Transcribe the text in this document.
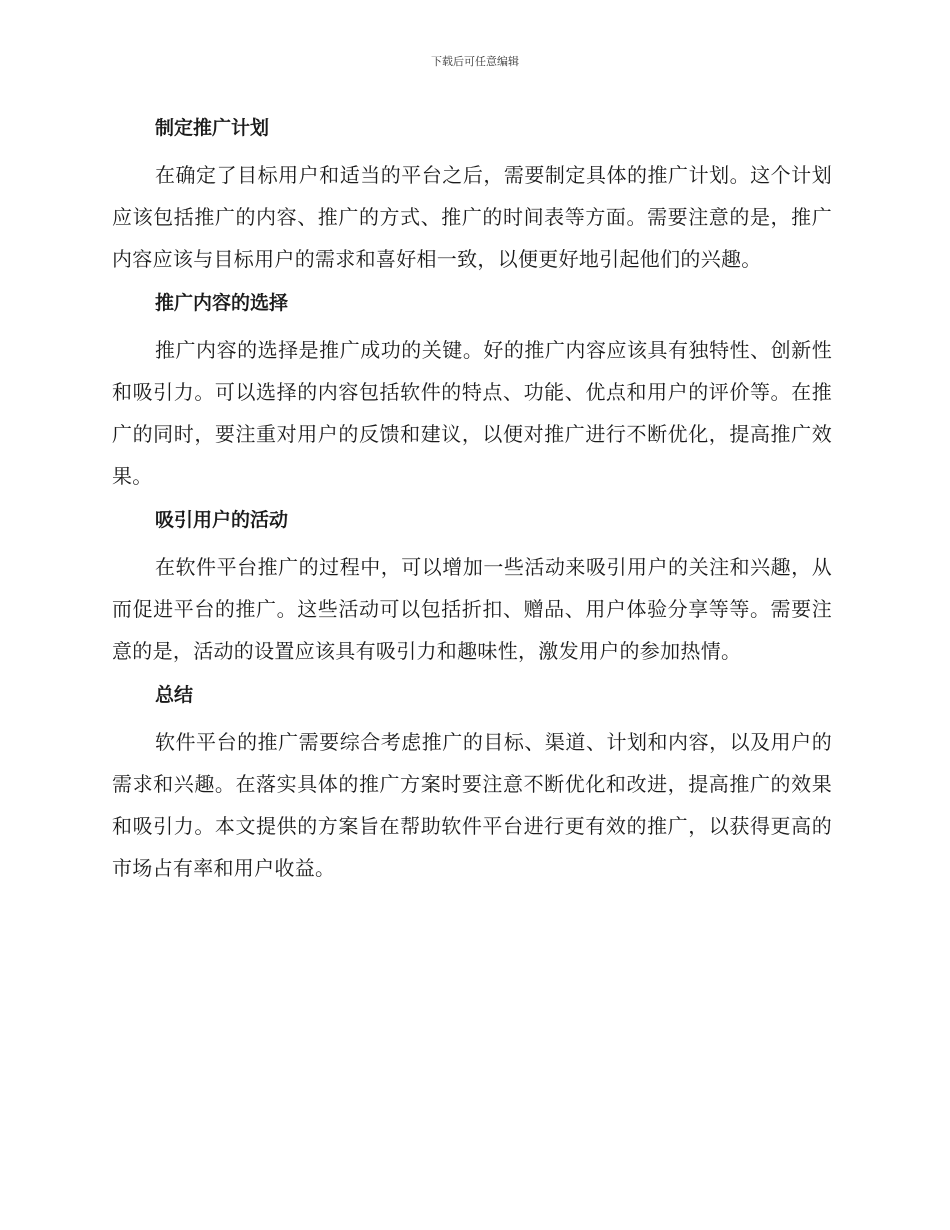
下载后可任意编辑
制定推广计划

在确定了目标用户和适当的平台之后，需要制定具体的推广计划。这个计划应该包括推广的内容、推广的方式、推广的时间表等方面。需要注意的是，推广内容应该与目标用户的需求和喜好相一致，以便更好地引起他们的兴趣。

推广内容的选择

推广内容的选择是推广成功的关键。好的推广内容应该具有独特性、创新性和吸引力。可以选择的内容包括软件的特点、功能、优点和用户的评价等。在推广的同时，要注重对用户的反馈和建议，以便对推广进行不断优化，提高推广效果。

吸引用户的活动

在软件平台推广的过程中，可以增加一些活动来吸引用户的关注和兴趣，从而促进平台的推广。这些活动可以包括折扣、赠品、用户体验分享等等。需要注意的是，活动的设置应该具有吸引力和趣味性，激发用户的参加热情。

总结

软件平台的推广需要综合考虑推广的目标、渠道、计划和内容，以及用户的需求和兴趣。在落实具体的推广方案时要注意不断优化和改进，提高推广的效果和吸引力。本文提供的方案旨在帮助软件平台进行更有效的推广，以获得更高的市场占有率和用户收益。
